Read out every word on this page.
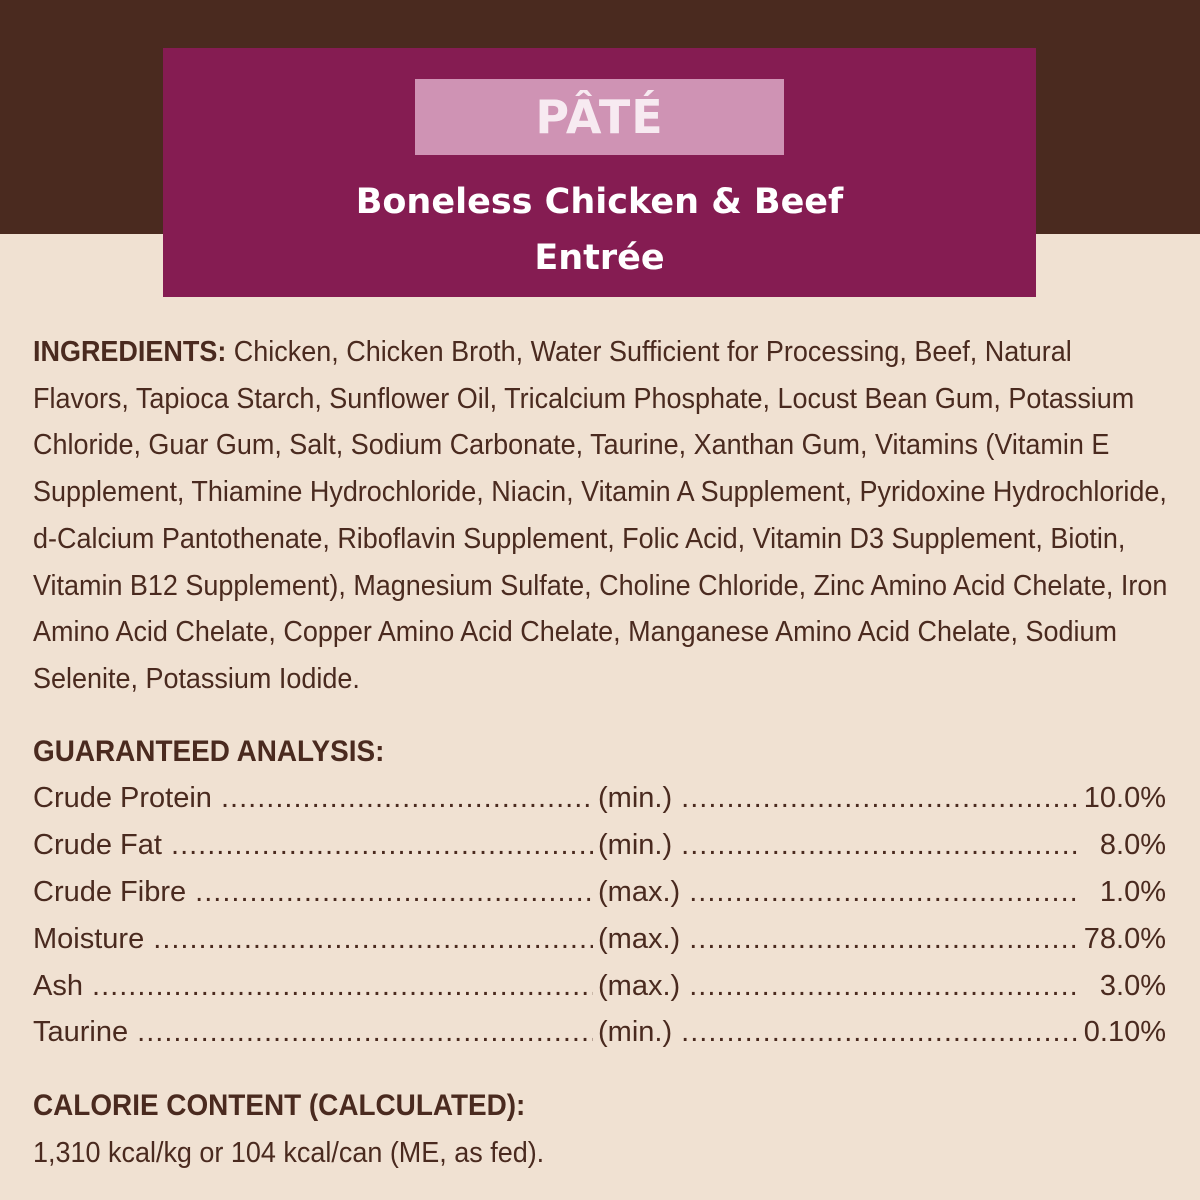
PÂTÉ
Boneless Chicken & Beef
Entrée
INGREDIENTS: Chicken, Chicken Broth, Water Sufficient for Processing, Beef, Natural Flavors, Tapioca Starch, Sunflower Oil, Tricalcium Phosphate, Locust Bean Gum, Potassium Chloride, Guar Gum, Salt, Sodium Carbonate, Taurine, Xanthan Gum, Vitamins (Vitamin E Supplement, Thiamine Hydrochloride, Niacin, Vitamin A Supplement, Pyridoxine Hydrochloride, d-Calcium Pantothenate, Riboflavin Supplement, Folic Acid, Vitamin D3 Supplement, Biotin, Vitamin B12 Supplement), Magnesium Sulfate, Choline Chloride, Zinc Amino Acid Chelate, Iron Amino Acid Chelate, Copper Amino Acid Chelate, Manganese Amino Acid Chelate, Sodium Selenite, Potassium Iodide.
GUARANTEED ANALYSIS:
Crude Protein .....	(min.) .....	10.0%
Crude Fat .....	(min.) .....	8.0%
Crude Fibre .....	(max.) .....	1.0%
Moisture .....	(max.) .....	78.0%
Ash .....	(max.) .....	3.0%
Taurine .....	(min.) .....	0.10%
CALORIE CONTENT (CALCULATED):
1,310 kcal/kg or 104 kcal/can (ME, as fed).
